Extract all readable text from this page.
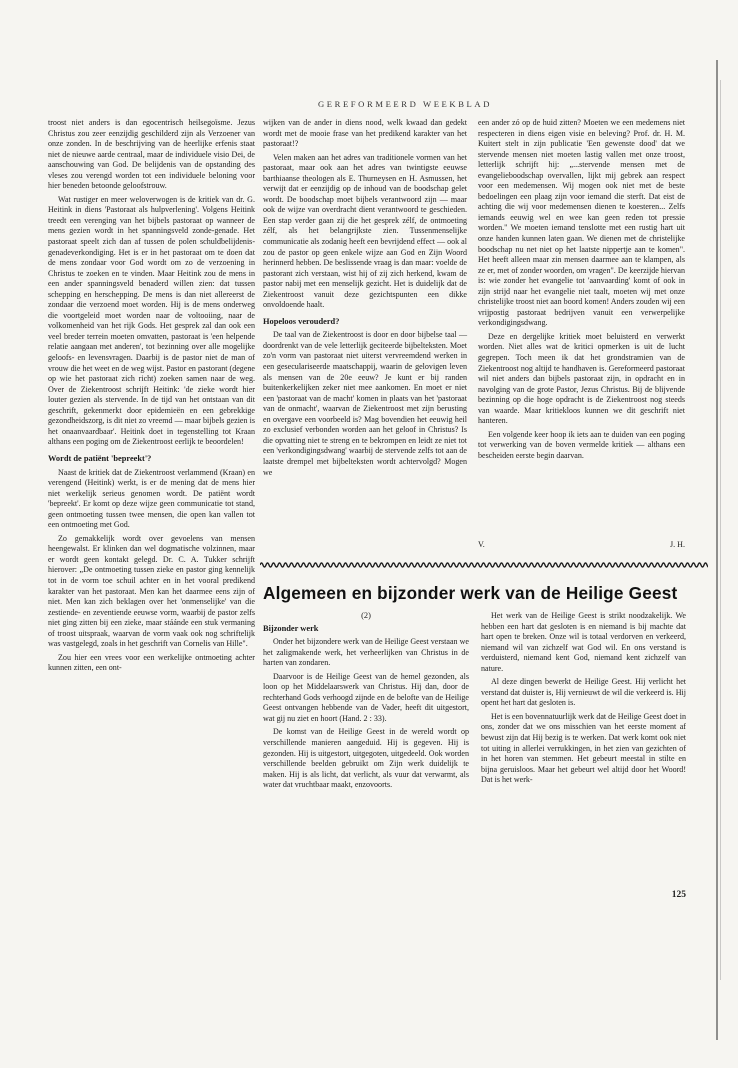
GEREFORMEERD WEEKBLAD

troost niet anders is dan egocentrisch heilsegoïsme. Jezus Christus zou zeer eenzijdig geschilderd zijn als Verzoener van onze zonden. In de beschrijving van de heerlijke erfenis staat niet de nieuwe aarde centraal, maar de individuele visio Dei, de aanschouwing van God. De belijdenis van de opstanding des vleses zou verengd worden tot een individuele beloning voor hier beneden betoonde geloofstrouw.

Wat rustiger en meer weloverwogen is de kritiek van dr. G. Heitink in diens 'Pastoraat als hulpverlening'. Volgens Heitink treedt een verenging van het bijbels pastoraat op wanneer de mens gezien wordt in het spanningsveld zonde-genade. Het pastoraat speelt zich dan af tussen de polen schuldbelijdenis-genadeverkondiging. Het is er in het pastoraat om te doen dat de mens zondaar voor God wordt om zo de verzoening in Christus te zoeken en te vinden. Maar Heitink zou de mens in een ander spanningsveld benaderd willen zien: dat tussen schepping en herschepping. De mens is dan niet allereerst de zondaar die verzoend moet worden. Hij is de mens onderweg die voortgeleid moet worden naar de voltooiing, naar de volkomenheid van het rijk Gods. Het gesprek zal dan ook een veel breder terrein moeten omvatten, pastoraat is 'een helpende relatie aangaan met anderen', tot bezinning over alle mogelijke geloofs- en levensvragen. Daarbij is de pastor niet de man of vrouw die het weet en de weg wijst. Pastor en pastorant (degene op wie het pastoraat zich richt) zoeken samen naar de weg. Over de Ziekentroost schrijft Heitink: 'de zieke wordt hier louter gezien als stervende. In de tijd van het ontstaan van dit geschrift, gekenmerkt door epidemieën en een gebrekkige gezondheidszorg, is dit niet zo vreemd — maar bijbels gezien is het onaanvaardbaar'. Heitink doet in tegenstelling tot Kraan althans een poging om de Ziekentroost eerlijk te beoordelen!

Wordt de patiënt 'bepreekt'?

Naast de kritiek dat de Ziekentroost verlammend (Kraan) en verengend (Heitink) werkt, is er de mening dat de mens hier niet werkelijk serieus genomen wordt. De patiënt wordt 'bepreekt'. Er komt op deze wijze geen communicatie tot stand, geen ontmoeting tussen twee mensen, die open kan vallen tot een ontmoeting met God.

Zo gemakkelijk wordt over gevoelens van mensen heengewalst. Er klinken dan wel dogmatische volzinnen, maar er wordt geen kontakt gelegd. Dr. C. A. Tukker schrijft hierover: „De ontmoeting tussen zieke en pastor ging kennelijk tot in de vorm toe schuil achter en in het vooral predikend karakter van het pastoraat. Men kan het daarmee eens zijn of niet. Men kan zich beklagen over het 'onmenselijke' van die zestiende- en zeventiende eeuwse vorm, waarbij de pastor zelfs niet ging zitten bij een zieke, maar stáánde een stuk vermaning of troost uitspraak, waarvan de vorm vaak ook nog schriftelijk was vastgelegd, zoals in het geschrift van Cornelis van Hille".

Zou hier een vrees voor een werkelijke ontmoeting achter kunnen zitten, een ont-

wijken van de ander in diens nood, welk kwaad dan gedekt wordt met de mooie frase van het predikend karakter van het pastoraat!?

Velen maken aan het adres van traditionele vormen van het pastoraat, maar ook aan het adres van twintigste eeuwse barthiaanse theologen als E. Thurneysen en H. Asmussen, het verwijt dat er eenzijdig op de inhoud van de boodschap gelet wordt. De boodschap moet bijbels verantwoord zijn — maar ook de wijze van overdracht dient verantwoord te geschieden. Een stap verder gaan zij die het gesprek zélf, de ontmoeting zélf, als het belangrijkste zien. Tussenmenselijke communicatie als zodanig heeft een bevrijdend effect — ook al zou de pastor op geen enkele wijze aan God en Zijn Woord herinnerd hebben. De beslissende vraag is dan maar: voelde de pastorant zich verstaan, wist hij of zij zich herkend, kwam de pastor nabij met een menselijk gezicht. Het is duidelijk dat de Ziekentroost vanuit deze gezichtspunten een dikke onvoldoende haalt.

Hopeloos verouderd?

De taal van de Ziekentroost is door en door bijbelse taal — doordrenkt van de vele letterlijk geciteerde bijbelteksten. Moet zo'n vorm van pastoraat niet uiterst vervreemdend werken in een geseculariseerde maatschappij, waarin de gelovigen leven als mensen van de 20e eeuw? Je kunt er bij randen buitenkerkelijken zeker niet mee aankomen. En moet er niet een 'pastoraat van de macht' komen in plaats van het 'pastoraat van de onmacht', waarvan de Ziekentroost met zijn berusting en overgave een voorbeeld is? Mag bovendien het eeuwig heil zo exclusief verbonden worden aan het geloof in Christus? Is die opvatting niet te streng en te bekrompen en leidt ze niet tot een 'verkondigingsdwang' waarbij de stervende zelfs tot aan de laatste drempel met bijbelteksten wordt achtervolgd? Mogen we

een ander zó op de huid zitten? Moeten we een medemens niet respecteren in diens eigen visie en beleving? Prof. dr. H. M. Kuitert stelt in zijn publicatie 'Een gewenste dood' dat we stervende mensen niet moeten lastig vallen met onze troost, letterlijk schrijft hij: „...stervende mensen met de evangelieboodschap overvallen, lijkt mij gebrek aan respect voor een medemensen. Wij mogen ook niet met de beste bedoelingen een plaag zijn voor iemand die sterft. Dat eist de achting die wij voor medemensen dienen te koesteren... Zelfs iemands eeuwig wel en wee kan geen reden tot pressie worden." We moeten iemand tenslotte met een rustig hart uit onze handen kunnen laten gaan. We dienen met de christelijke boodschap nu net niet op het laatste nippertje aan te komen". Het heeft alleen maar zin mensen daarmee aan te klampen, als ze er, met of zonder woorden, om vragen". De keerzijde hiervan is: wie zonder het evangelie tot 'aanvaarding' komt of ook in zijn strijd naar het evangelie niet taalt, moeten wij met onze christelijke troost niet aan boord komen! Anders zouden wij een vrijpostig pastoraat bedrijven vanuit een verwerpelijke verkondigingsdwang.

Deze en dergelijke kritiek moet beluisterd en verwerkt worden. Niet alles wat de kritici opmerken is uit de lucht gegrepen. Toch meen ik dat het grondstramien van de Ziekentroost nog altijd te handhaven is. Gereformeerd pastoraat wil niet anders dan bijbels pastoraat zijn, in opdracht en in navolging van de grote Pastor, Jezus Christus. Bij de blijvende bezinning op die hoge opdracht is de Ziekentroost nog steeds van waarde. Maar kritiekloos kunnen we dit geschrift niet hanteren.

Een volgende keer hoop ik iets aan te duiden van een poging tot verwerking van de boven vermelde kritiek — althans een bescheiden eerste begin daarvan.

V.	J. H.
Algemeen en bijzonder werk van de Heilige Geest
(2)
Bijzonder werk

Onder het bijzondere werk van de Heilige Geest verstaan we het zaligmakende werk, het verheerlijken van Christus in de harten van zondaren.

Daarvoor is de Heilige Geest van de hemel gezonden, als loon op het Middelaarswerk van Christus. Hij dan, door de rechterhand Gods verhoogd zijnde en de belofte van de Heilige Geest ontvangen hebbende van de Vader, heeft dit uitgestort, wat gij nu ziet en hoort (Hand. 2 : 33).

De komst van de Heilige Geest in de wereld wordt op verschillende manieren aangeduid. Hij is gegeven. Hij is gezonden. Hij is uitgestort, uitgegoten, uitgedeeld. Ook worden verschillende beelden gebruikt om Zijn werk duidelijk te maken. Hij is als licht, dat verlicht, als vuur dat verwarmt, als water dat vruchtbaar maakt, enzovoorts.

Het werk van de Heilige Geest is strikt noodzakelijk. We hebben een hart dat gesloten is en niemand is bij machte dat hart open te breken. Onze wil is totaal verdorven en verkeerd, niemand wil van zichzelf wat God wil. En ons verstand is verduisterd, niemand kent God, niemand kent zichzelf van nature.

Al deze dingen bewerkt de Heilige Geest. Hij verlicht het verstand dat duister is, Hij vernieuwt de wil die verkeerd is. Hij opent het hart dat gesloten is.

Het is een bovennatuurlijk werk dat de Heilige Geest doet in ons, zonder dat we ons misschien van het eerste moment af bewust zijn dat Hij bezig is te werken. Dat werk komt ook niet tot uiting in allerlei verrukkingen, in het zien van gezichten of in het horen van stemmen. Het gebeurt meestal in stilte en bijna geruisloos. Maar het gebeurt wel altijd door het Woord! Dat is het werk-

125
